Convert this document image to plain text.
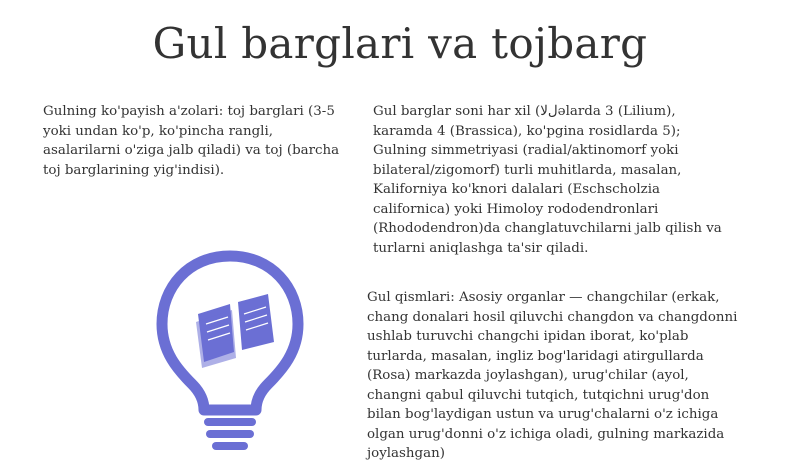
Gul barglari va tojbarg

Gulning ko'payish a'zolari: toj barglari (3-5 yoki undan ko'p, ko'pincha rangli, asalarilarni o'ziga jalb qiladi) va toj (barcha toj barglarining yig'indisi).

Gul barglar soni har xil (ﻝﻻəlarda 3 (Lilium), karamda 4 (Brassica), ko'pgina rosidlarda 5); Gulning simmetriyasi (radial/aktinomorf yoki bilateral/zigomorf) turli muhitlarda, masalan, Kaliforniya ko'knori dalalari (Eschscholzia californica) yoki Himoloy rododendronlari (Rhododendron)da changlatuvchilarni jalb qilish va turlarni aniqlashga ta'sir qiladi.

Gul qismlari: Asosiy organlar — changchilar (erkak, chang donalari hosil qiluvchi changdon va changdonni ushlab turuvchi changchi ipidan iborat, ko'plab turlarda, masalan, ingliz bog'laridagi atirgullarda (Rosa) markazda joylashgan), urug'chilar (ayol, changni qabul qiluvchi tutqich, tutqichni urug'don bilan bog'laydigan ustun va urug'chalarni o'z ichiga olgan urug'donni o'z ichiga oladi, gulning markazida joylashgan)
